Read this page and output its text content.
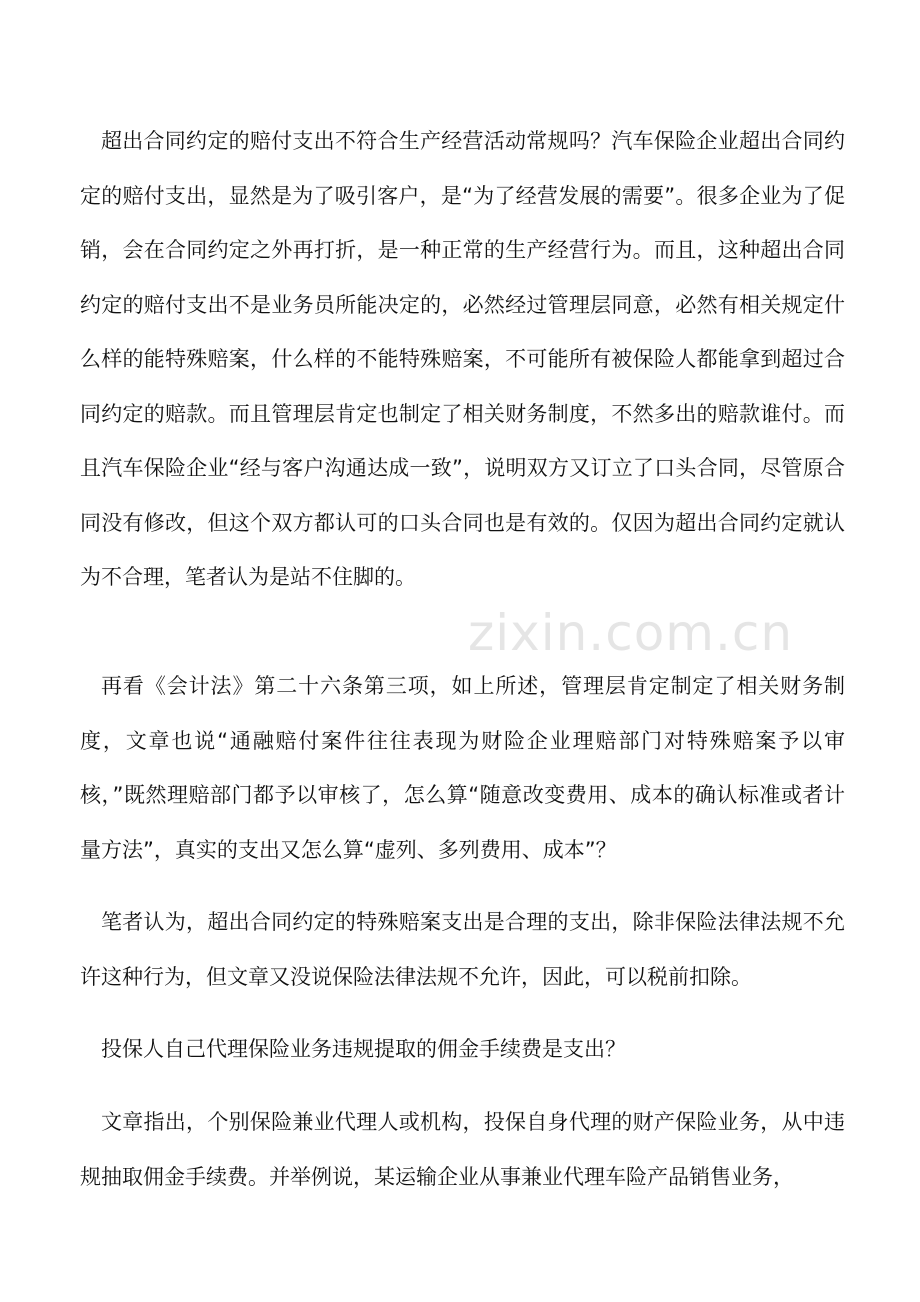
超出合同约定的赔付支出不符合生产经营活动常规吗？汽车保险企业超出合同约定的赔付支出，显然是为了吸引客户，是“为了经营发展的需要”。很多企业为了促销，会在合同约定之外再打折，是一种正常的生产经营行为。而且，这种超出合同约定的赔付支出不是业务员所能决定的，必然经过管理层同意，必然有相关规定什么样的能特殊赔案，什么样的不能特殊赔案，不可能所有被保险人都能拿到超过合同约定的赔款。而且管理层肯定也制定了相关财务制度，不然多出的赔款谁付。而且汽车保险企业“经与客户沟通达成一致”，说明双方又订立了口头合同，尽管原合同没有修改，但这个双方都认可的口头合同也是有效的。仅因为超出合同约定就认为不合理，笔者认为是站不住脚的。

再看《会计法》第二十六条第三项，如上所述，管理层肯定制定了相关财务制度，文章也说“通融赔付案件往往表现为财险企业理赔部门对特殊赔案予以审核，”既然理赔部门都予以审核了，怎么算“随意改变费用、成本的确认标准或者计量方法”，真实的支出又怎么算“虚列、多列费用、成本”？

笔者认为，超出合同约定的特殊赔案支出是合理的支出，除非保险法律法规不允许这种行为，但文章又没说保险法律法规不允许，因此，可以税前扣除。

投保人自己代理保险业务违规提取的佣金手续费是支出？

文章指出，个别保险兼业代理人或机构，投保自身代理的财产保险业务，从中违规抽取佣金手续费。并举例说，某运输企业从事兼业代理车险产品销售业务，

zixin.com.cn
